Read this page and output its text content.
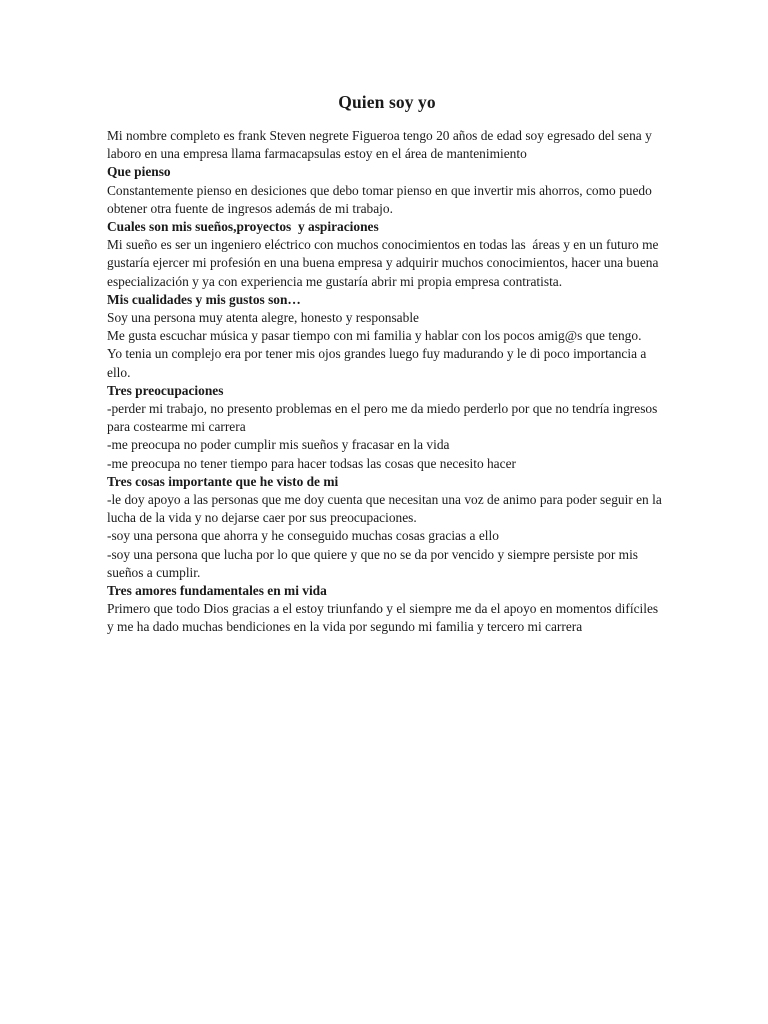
Quien soy yo

Mi nombre completo es frank Steven negrete Figueroa tengo 20 años de edad soy egresado del sena y laboro en una empresa llama farmacapsulas estoy en el área de mantenimiento

Que pienso

Constantemente pienso en desiciones que debo tomar pienso en que invertir mis ahorros, como puedo obtener otra fuente de ingresos además de mi trabajo.

Cuales son mis sueños,proyectos  y aspiraciones

Mi sueño es ser un ingeniero eléctrico con muchos conocimientos en todas las  áreas y en un futuro me gustaría ejercer mi profesión en una buena empresa y adquirir muchos conocimientos, hacer una buena especialización y ya con experiencia me gustaría abrir mi propia empresa contratista.

Mis cualidades y mis gustos son…

Soy una persona muy atenta alegre, honesto y responsable

Me gusta escuchar música y pasar tiempo con mi familia y hablar con los pocos amig@s que tengo.

Yo tenia un complejo era por tener mis ojos grandes luego fuy madurando y le di poco importancia a ello.

Tres preocupaciones

-perder mi trabajo, no presento problemas en el pero me da miedo perderlo por que no tendría ingresos para costearme mi carrera

-me preocupa no poder cumplir mis sueños y fracasar en la vida

-me preocupa no tener tiempo para hacer todsas las cosas que necesito hacer

Tres cosas importante que he visto de mi

-le doy apoyo a las personas que me doy cuenta que necesitan una voz de animo para poder seguir en la lucha de la vida y no dejarse caer por sus preocupaciones.

-soy una persona que ahorra y he conseguido muchas cosas gracias a ello

-soy una persona que lucha por lo que quiere y que no se da por vencido y siempre persiste por mis sueños a cumplir.

Tres amores fundamentales en mi vida

Primero que todo Dios gracias a el estoy triunfando y el siempre me da el apoyo en momentos difíciles y me ha dado muchas bendiciones en la vida por segundo mi familia y tercero mi carrera
